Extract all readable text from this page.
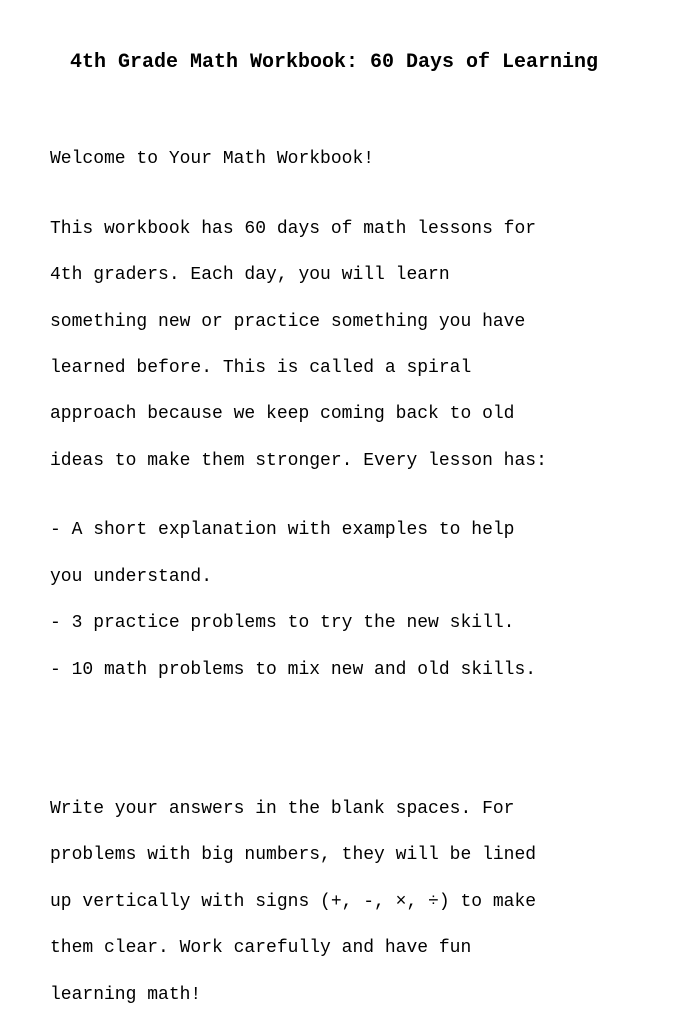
4th Grade Math Workbook: 60 Days of Learning

Welcome to Your Math Workbook!

This workbook has 60 days of math lessons for

4th graders. Each day, you will learn

something new or practice something you have

learned before. This is called a spiral

approach because we keep coming back to old

ideas to make them stronger. Every lesson has:

- A short explanation with examples to help

you understand.

- 3 practice problems to try the new skill.

- 10 math problems to mix new and old skills.

Write your answers in the blank spaces. For

problems with big numbers, they will be lined

up vertically with signs (+, -, ×, ÷) to make

them clear. Work carefully and have fun

learning math!
